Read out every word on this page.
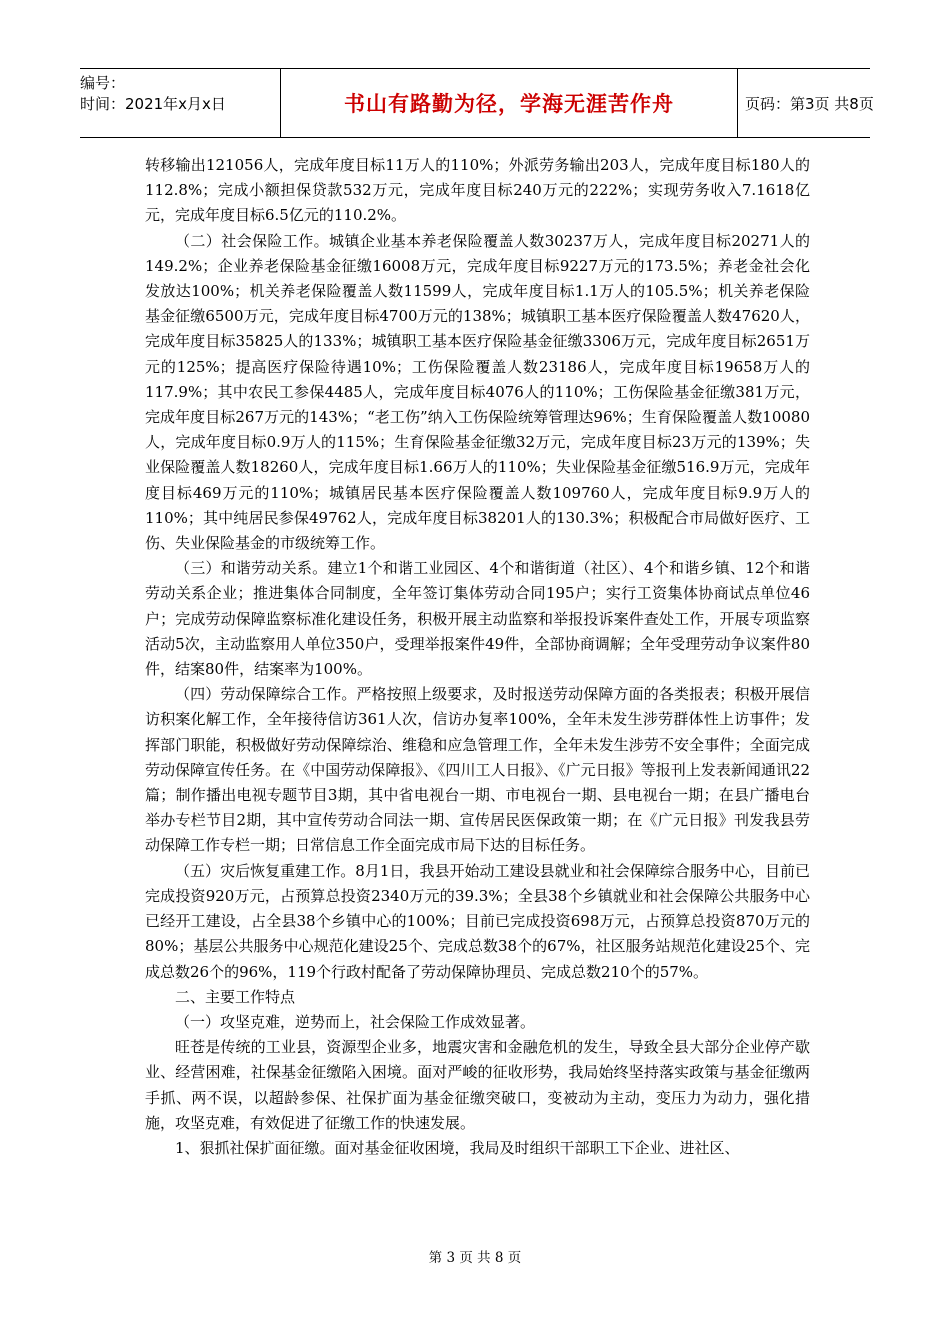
编号：
时间：2021年x月x日	书山有路勤为径，学海无涯苦作舟	页码：第3页 共8页

转移输出121056人，完成年度目标11万人的110%；外派劳务输出203人，完成年度目标180人的112.8%；完成小额担保贷款532万元，完成年度目标240万元的222%；实现劳务收入7.1618亿元，完成年度目标6.5亿元的110.2%。

（二）社会保险工作。城镇企业基本养老保险覆盖人数30237万人，完成年度目标20271人的149.2%；企业养老保险基金征缴16008万元，完成年度目标9227万元的173.5%；养老金社会化发放达100%；机关养老保险覆盖人数11599人，完成年度目标1.1万人的105.5%；机关养老保险基金征缴6500万元，完成年度目标4700万元的138%；城镇职工基本医疗保险覆盖人数47620人，完成年度目标35825人的133%；城镇职工基本医疗保险基金征缴3306万元，完成年度目标2651万元的125%；提高医疗保险待遇10%；工伤保险覆盖人数23186人，完成年度目标19658万人的117.9%；其中农民工参保4485人，完成年度目标4076人的110%；工伤保险基金征缴381万元，完成年度目标267万元的143%；“老工伤”纳入工伤保险统筹管理达96%；生育保险覆盖人数10080人，完成年度目标0.9万人的115%；生育保险基金征缴32万元，完成年度目标23万元的139%；失业保险覆盖人数18260人，完成年度目标1.66万人的110%；失业保险基金征缴516.9万元，完成年度目标469万元的110%；城镇居民基本医疗保险覆盖人数109760人，完成年度目标9.9万人的110%；其中纯居民参保49762人，完成年度目标38201人的130.3%；积极配合市局做好医疗、工伤、失业保险基金的市级统筹工作。

（三）和谐劳动关系。建立1个和谐工业园区、4个和谐街道（社区）、4个和谐乡镇、12个和谐劳动关系企业；推进集体合同制度，全年签订集体劳动合同195户；实行工资集体协商试点单位46户；完成劳动保障监察标准化建设任务，积极开展主动监察和举报投诉案件查处工作，开展专项监察活动5次，主动监察用人单位350户，受理举报案件49件，全部协商调解；全年受理劳动争议案件80件，结案80件，结案率为100%。

（四）劳动保障综合工作。严格按照上级要求，及时报送劳动保障方面的各类报表；积极开展信访积案化解工作，全年接待信访361人次，信访办复率100%，全年未发生涉劳群体性上访事件；发挥部门职能，积极做好劳动保障综治、维稳和应急管理工作，全年未发生涉劳不安全事件；全面完成劳动保障宣传任务。在《中国劳动保障报》、《四川工人日报》、《广元日报》等报刊上发表新闻通讯22篇；制作播出电视专题节目3期，其中省电视台一期、市电视台一期、县电视台一期；在县广播电台举办专栏节目2期，其中宣传劳动合同法一期、宣传居民医保政策一期；在《广元日报》刊发我县劳动保障工作专栏一期；日常信息工作全面完成市局下达的目标任务。

（五）灾后恢复重建工作。8月1日，我县开始动工建设县就业和社会保障综合服务中心，目前已完成投资920万元，占预算总投资2340万元的39.3%；全县38个乡镇就业和社会保障公共服务中心已经开工建设，占全县38个乡镇中心的100%；目前已完成投资698万元，占预算总投资870万元的80%；基层公共服务中心规范化建设25个、完成总数38个的67%，社区服务站规范化建设25个、完成总数26个的96%，119个行政村配备了劳动保障协理员、完成总数210个的57%。

二、主要工作特点

（一）攻坚克难，逆势而上，社会保险工作成效显著。

旺苍是传统的工业县，资源型企业多，地震灾害和金融危机的发生，导致全县大部分企业停产歇业、经营困难，社保基金征缴陷入困境。面对严峻的征收形势，我局始终坚持落实政策与基金征缴两手抓、两不误，以超龄参保、社保扩面为基金征缴突破口，变被动为主动，变压力为动力，强化措施，攻坚克难，有效促进了征缴工作的快速发展。

1、狠抓社保扩面征缴。面对基金征收困境，我局及时组织干部职工下企业、进社区、

第 3 页 共 8 页
